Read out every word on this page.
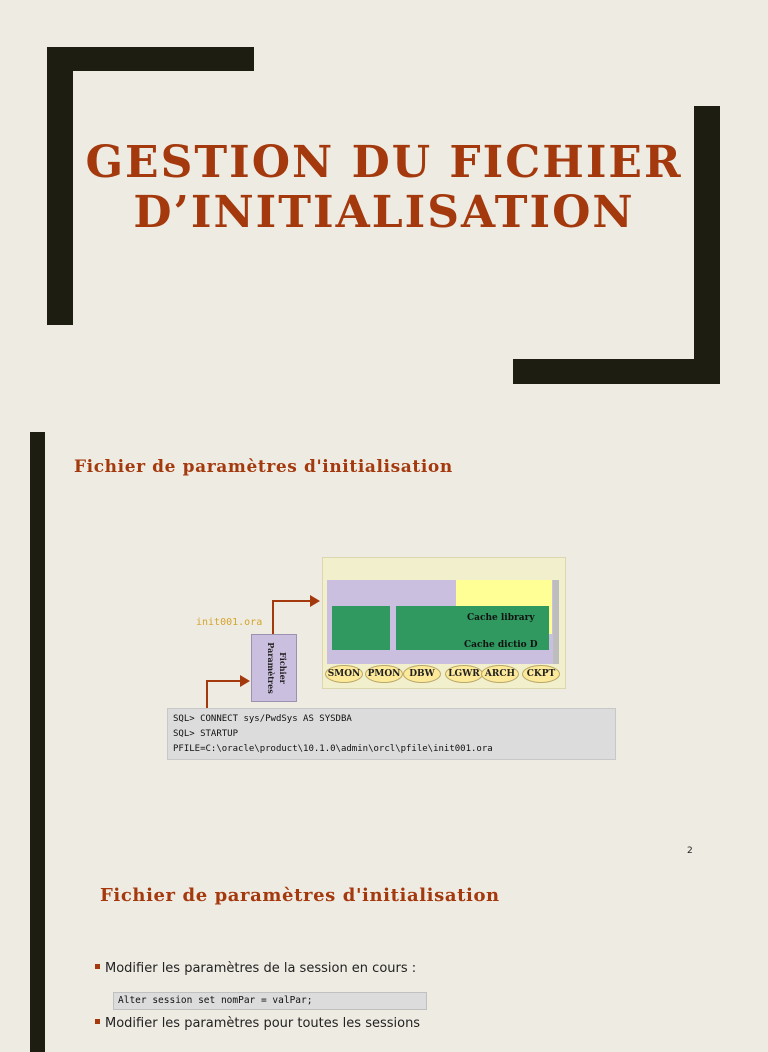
GESTION DU FICHIER
D’INITIALISATION
Fichier de paramètres d'initialisation
Cache library
Cache dictio D
SMON PMON DBW	LGWR ARCH	CKPT
init001.ora
Fichier
Paramètres
SQL> CONNECT sys/PwdSys AS SYSDBA
SQL> STARTUP
PFILE=C:\oracle\product\10.1.0\admin\orcl\pfile\init001.ora
2
Fichier de paramètres d'initialisation
Modifier les paramètres de la session en cours :
Alter session set nomPar = valPar;
Modifier les paramètres pour toutes les sessions
